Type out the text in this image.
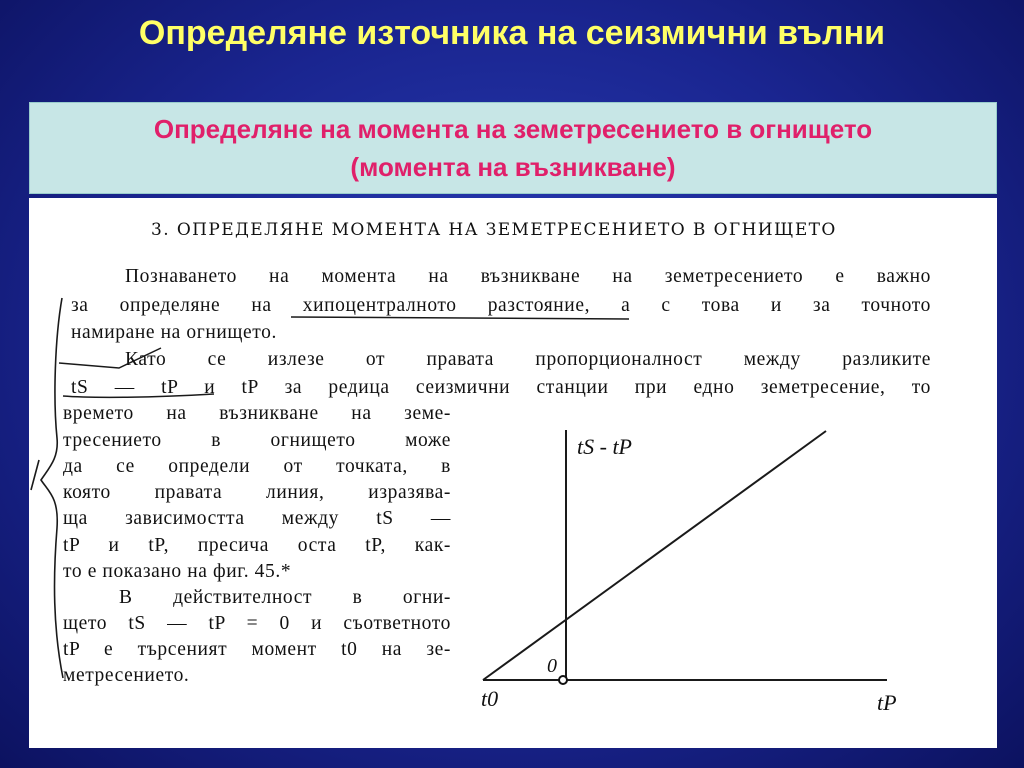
Определяне източника на сеизмични вълни
Определяне на момента на земетресението в огнището
(момента на възникване)
3. ОПРЕДЕЛЯНЕ МОМЕНТА НА ЗЕМЕТРЕСЕНИЕТО В ОГНИЩЕТО
Познаването на момента на възникване на земетресението е важно
за определяне на хипоцентралното разстояние, а с това и за точното
намиране на огнището.
Като се излезе от правата пропорционалност между разликите
tS — tP и tP за редица сеизмични станции при едно земетресение, то
времето на възникване на земе-
тресението в огнището може
да се определи от точката, в
която правата линия, изразява-
ща зависимостта между tS —
tP и tP, пресича оста tP, как-
то е показано на фиг. 45.*
В действителност в огни-
щето tS — tP = 0 и съответното
tP е търсеният момент t0 на зе-
метресението.
tS - tP
tP
0
t0
